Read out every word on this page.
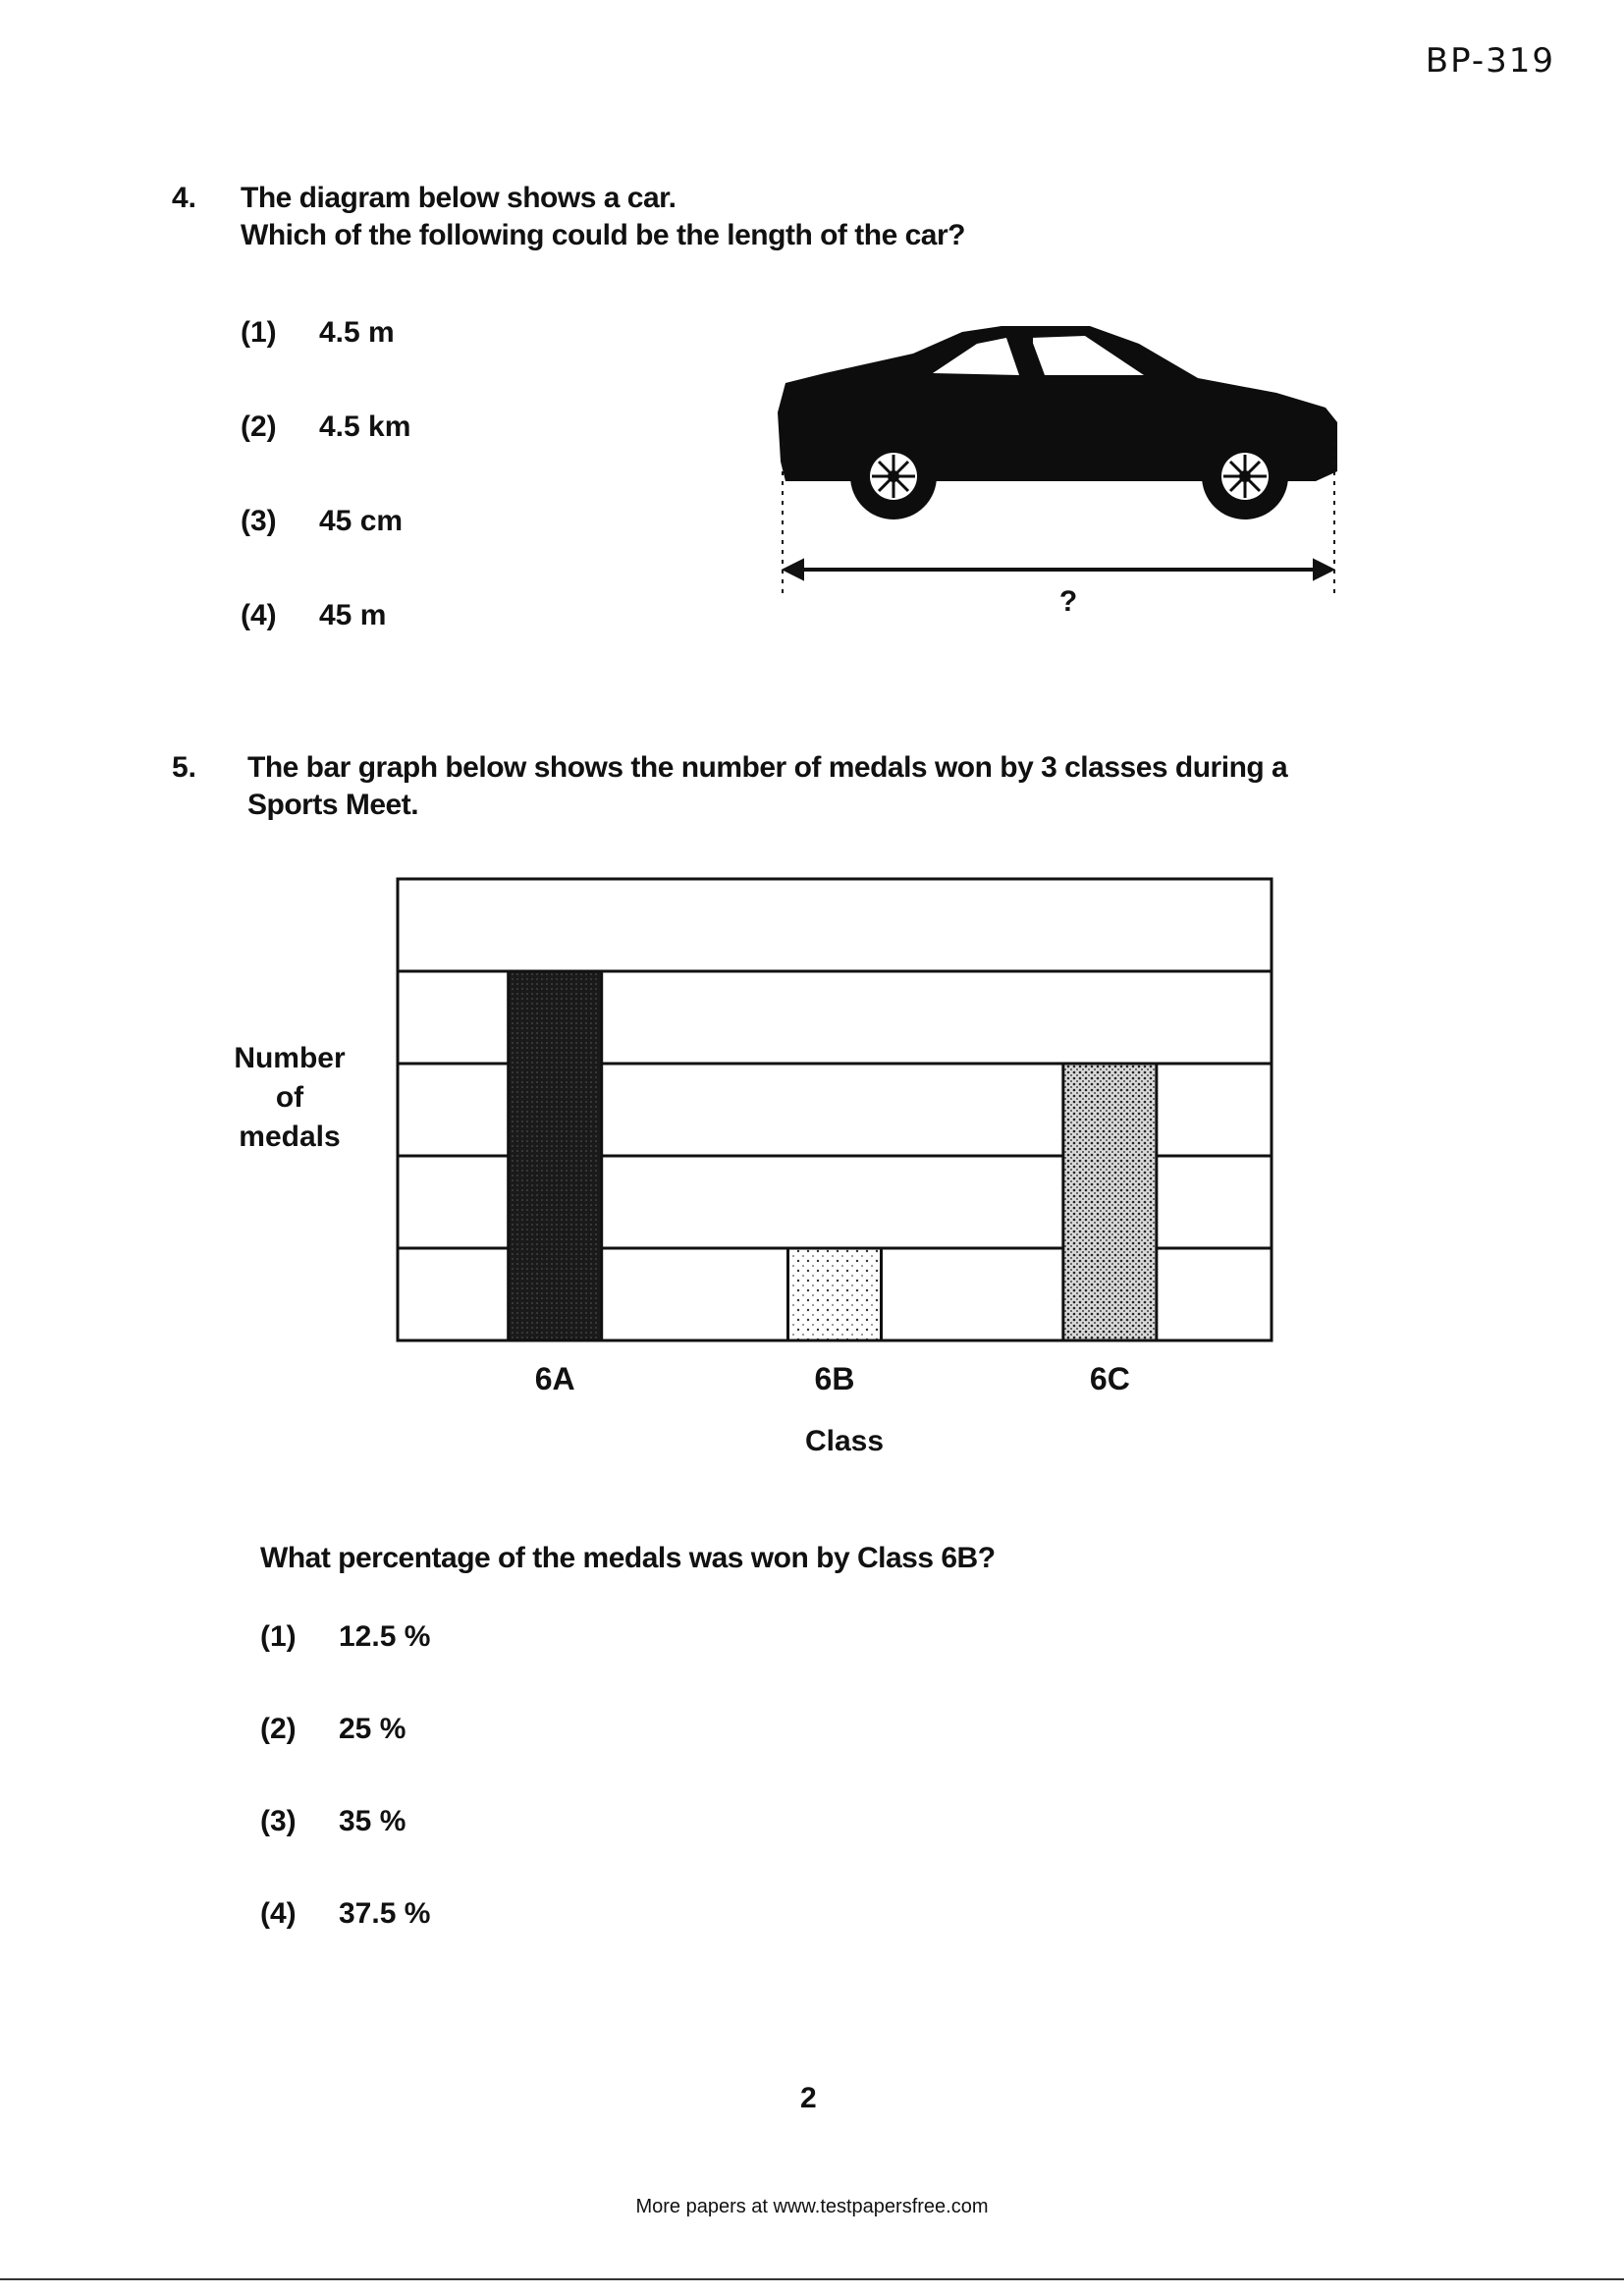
BP-319
4. The diagram below shows a car.
Which of the following could be the length of the car?
(1)	4.5 m
(2)	4.5 km
(3)	45 cm
(4)	45 m	?
5. The bar graph below shows the number of medals won by 3 classes during a
Sports Meet.
Number
of
medals
6A	6B	6C
Class
What percentage of the medals was won by Class 6B?
(1)	12.5 %
(2)	25 %
(3)	35 %
(4)	37.5 %
2
More papers at www.testpapersfree.com
